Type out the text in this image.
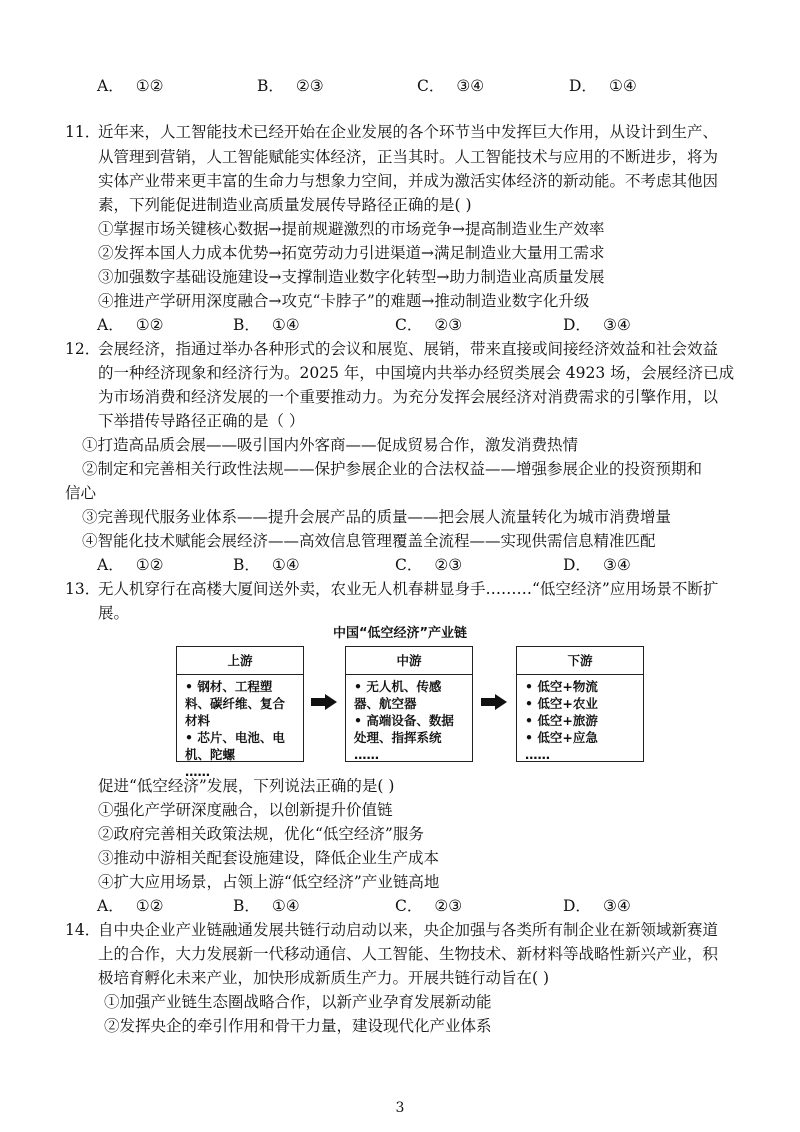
A． ①②	B． ②③	C． ③④	D． ①④
11．
近年来，人工智能技术已经开始在企业发展的各个环节当中发挥巨大作用，从设计到生产、
从管理到营销，人工智能赋能实体经济，正当其时。人工智能技术与应用的不断进步，将为
实体产业带来更丰富的生命力与想象力空间，并成为激活实体经济的新动能。不考虑其他因
素，下列能促进制造业高质量发展传导路径正确的是( )
①掌握市场关键核心数据→提前规避激烈的市场竞争→提高制造业生产效率
②发挥本国人力成本优势→拓宽劳动力引进渠道→满足制造业大量用工需求
③加强数字基础设施建设→支撑制造业数字化转型→助力制造业高质量发展
④推进产学研用深度融合→攻克“卡脖子”的难题→推动制造业数字化升级
A． ①②	B． ①④	C． ②③	D． ③④
12．
会展经济，指通过举办各种形式的会议和展览、展销，带来直接或间接经济效益和社会效益
的一种经济现象和经济行为。2025 年，中国境内共举办经贸类展会 4923 场，会展经济已成
为市场消费和经济发展的一个重要推动力。为充分发挥会展经济对消费需求的引擎作用，以
下举措传导路径正确的是（ ）
①打造高品质会展——吸引国内外客商——促成贸易合作，激发消费热情
②制定和完善相关行政性法规——保护参展企业的合法权益——增强参展企业的投资预期和
信心
③完善现代服务业体系——提升会展产品的质量——把会展人流量转化为城市消费增量
④智能化技术赋能会展经济——高效信息管理覆盖全流程——实现供需信息精准匹配
A． ①②	B． ①④	C． ②③	D． ③④
13．
无人机穿行在高楼大厦间送外卖，农业无人机春耕显身手………“低空经济”应用场景不断扩
展。
中国“低空经济”产业链
上游
• 钢材、工程塑料、碳纤维、复合材料
• 芯片、电池、电机、陀螺
……
中游
• 无人机、传感器、航空器
• 高端设备、数据处理、指挥系统
……
下游
• 低空+物流
• 低空+农业
• 低空+旅游
• 低空+应急
……
促进“低空经济”发展，下列说法正确的是( )
①强化产学研深度融合，以创新提升价值链
②政府完善相关政策法规，优化“低空经济”服务
③推动中游相关配套设施建设，降低企业生产成本
④扩大应用场景，占领上游“低空经济”产业链高地
A． ①②	B． ①④	C． ②③	D． ③④
14．
自中央企业产业链融通发展共链行动启动以来，央企加强与各类所有制企业在新领域新赛道
上的合作，大力发展新一代移动通信、人工智能、生物技术、新材料等战略性新兴产业，积
极培育孵化未来产业，加快形成新质生产力。开展共链行动旨在( )
①加强产业链生态圈战略合作，以新产业孕育发展新动能
②发挥央企的牵引作用和骨干力量，建设现代化产业体系
3
